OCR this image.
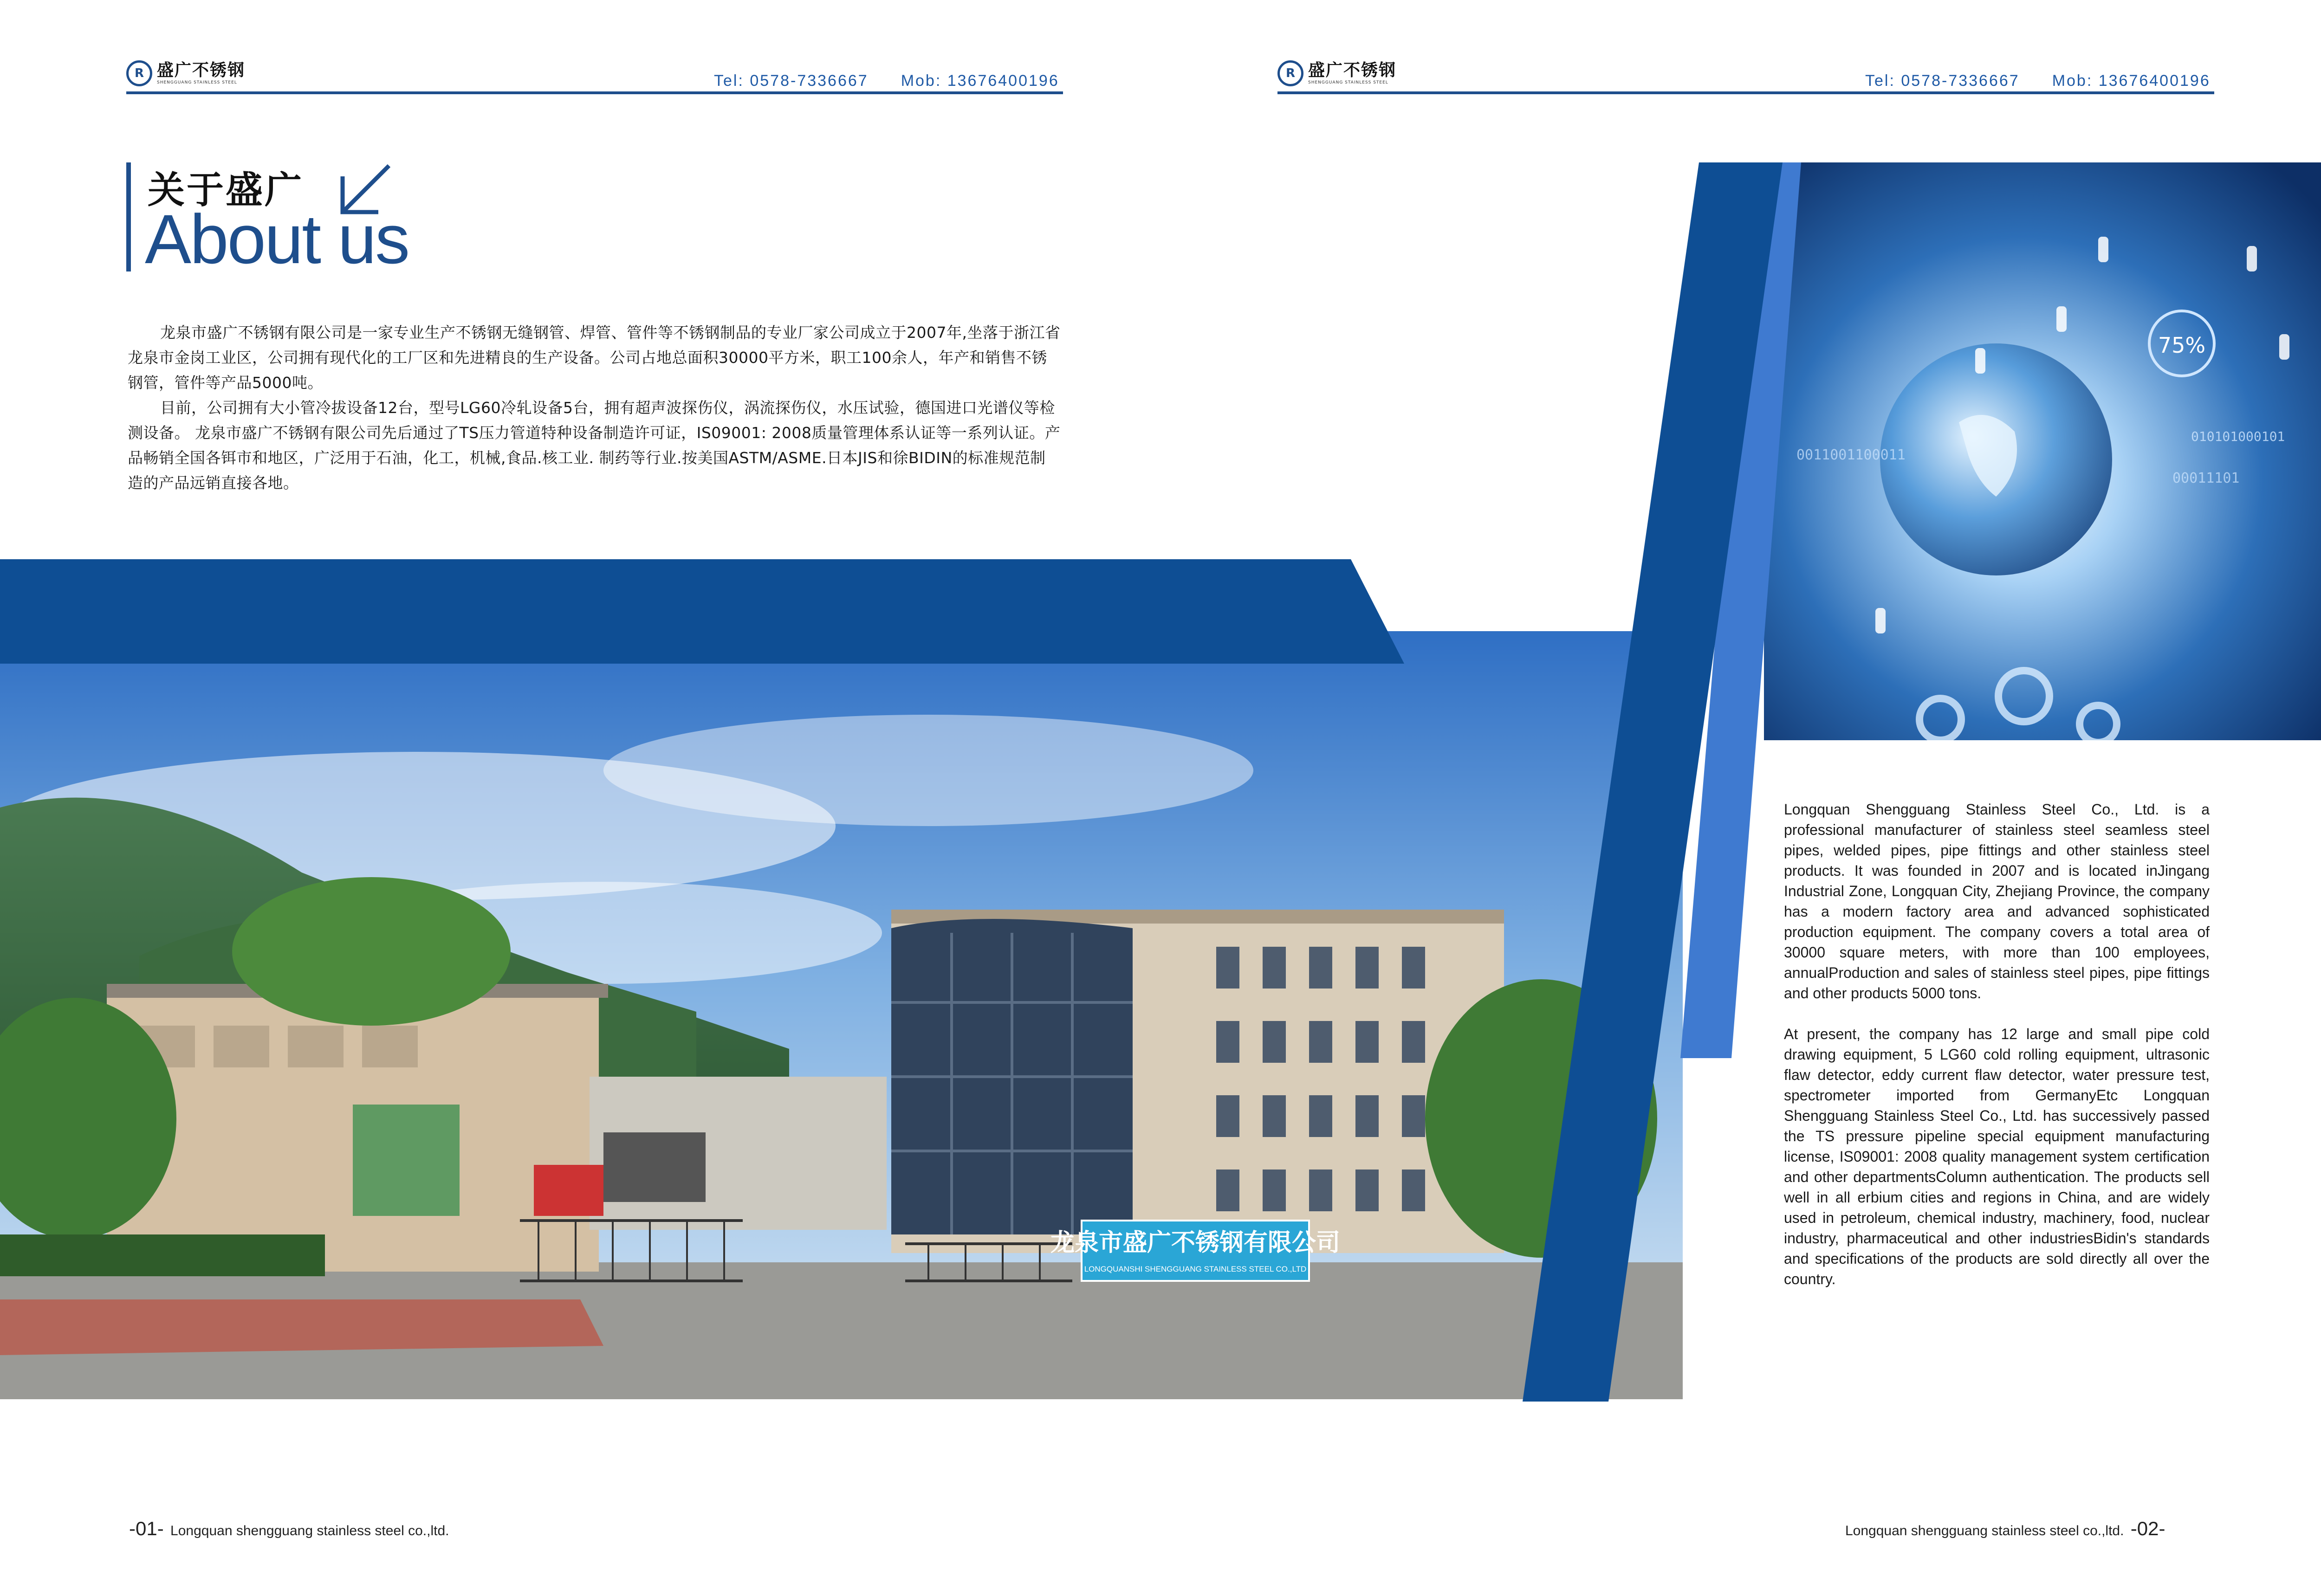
R 盛广不锈钢
SHENGGUANG STAINLESS STEEL	Tel: 0578-7336667 Mob: 13676400196	R 盛广不锈钢
SHENGGUANG STAINLESS STEEL	Tel: 0578-7336667 Mob: 13676400196
关于盛广
About us

龙泉市盛广不锈钢有限公司是一家专业生产不锈钢无缝钢管、焊管、管件等不锈钢制品的专业厂家公司成立于2007年,坐落于浙江省龙泉市金岗工业区，公司拥有现代化的工厂区和先进精良的生产设备。公司占地总面积30000平方米，职工100余人，年产和销售不锈钢管，管件等产品5000吨。

目前，公司拥有大小管冷拔设备12台，型号LG60冷轧设备5台，拥有超声波探伤仪，涡流探伤仪，水压试验，德国进口光谱仪等检测设备。 龙泉市盛广不锈钢有限公司先后通过了TS压力管道特种设备制造许可证，IS09001: 2008质量管理体系认证等一系列认证。产品畅销全国各铒市和地区，广泛用于石油，化工，机械,食品.核工业. 制药等行业.按美国ASTM/ASME.日本JIS和徐BIDIN的标准规范制造的产品远销直接各地。

龙泉市盛广不锈钢有限公司
LONGQUANSHI SHENGGUANG STAINLESS STEEL CO.,LTD
75%
010101000101
0011001100011
00011101

Longquan Shengguang Stainless Steel Co., Ltd. is a professional manufacturer of stainless steel seamless steel pipes, welded pipes, pipe fittings and other stainless steel products. It was founded in 2007 and is located inJingang Industrial Zone, Longquan City, Zhejiang Province, the company has a modern factory area and advanced sophisticated production equipment. The company covers a total area of 30000 square meters, with more than 100 employees, annualProduction and sales of stainless steel pipes, pipe fittings and other products 5000 tons.

At present, the company has 12 large and small pipe cold drawing equipment, 5 LG60 cold rolling equipment, ultrasonic flaw detector, eddy current flaw detector, water pressure test, spectrometer imported from GermanyEtc Longquan Shengguang Stainless Steel Co., Ltd. has successively passed the TS pressure pipeline special equipment manufacturing license, IS09001: 2008 quality management system certification and other departmentsColumn authentication. The products sell well in all erbium cities and regions in China, and are widely used in petroleum, chemical industry, machinery, food, nuclear industry, pharmaceutical and other industriesBidin's standards and specifications of the products are sold directly all over the country.

-01- Longquan shengguang stainless steel co.,ltd.	Longquan shengguang stainless steel co.,ltd. -02-
